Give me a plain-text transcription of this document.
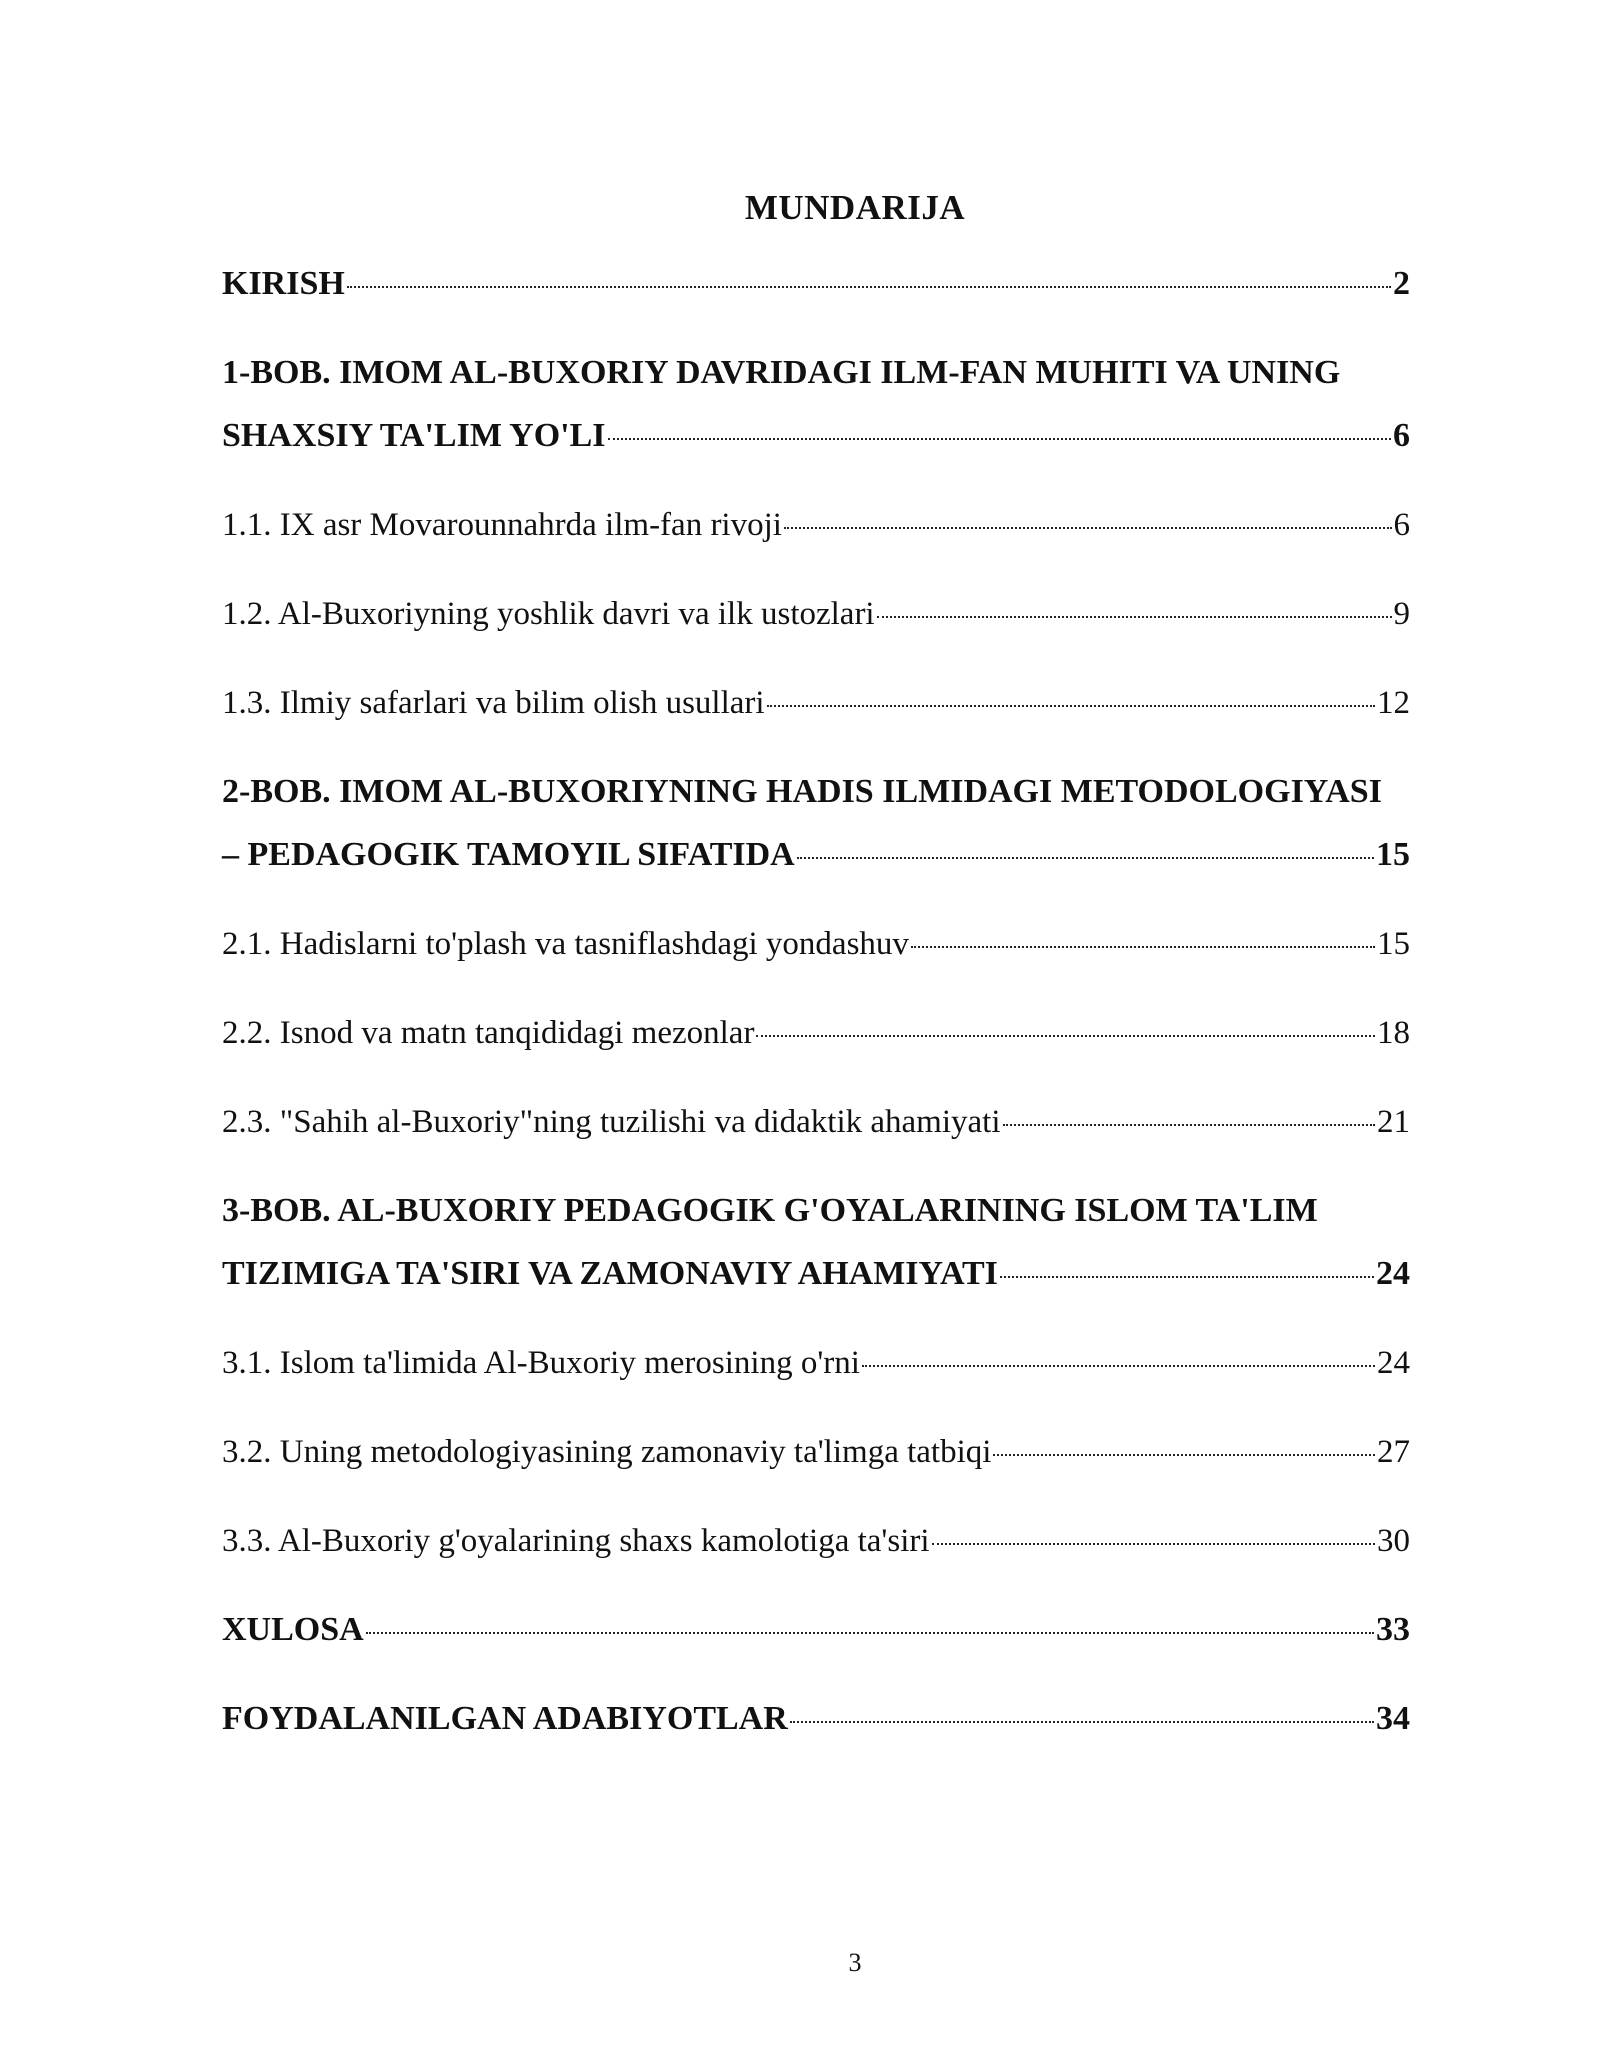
MUNDARIJA
KIRISH	2
1-BOB. IMOM AL-BUXORIY DAVRIDAGI ILM-FAN MUHITI VA UNING
SHAXSIY TA'LIM YO'LI	6
1.1. IX asr Movarounnahrda ilm-fan rivoji	6
1.2. Al-Buxoriyning yoshlik davri va ilk ustozlari	9
1.3. Ilmiy safarlari va bilim olish usullari	12
2-BOB. IMOM AL-BUXORIYNING HADIS ILMIDAGI METODOLOGIYASI
– PEDAGOGIK TAMOYIL SIFATIDA	15
2.1. Hadislarni to'plash va tasniflashdagi yondashuv	15
2.2. Isnod va matn tanqididagi mezonlar	18
2.3. "Sahih al-Buxoriy"ning tuzilishi va didaktik ahamiyati	21
3-BOB. AL-BUXORIY PEDAGOGIK G'OYALARINING ISLOM TA'LIM
TIZIMIGA TA'SIRI VA ZAMONAVIY AHAMIYATI	24
3.1. Islom ta'limida Al-Buxoriy merosining o'rni	24
3.2. Uning metodologiyasining zamonaviy ta'limga tatbiqi	27
3.3. Al-Buxoriy g'oyalarining shaxs kamolotiga ta'siri	30
XULOSA	33
FOYDALANILGAN ADABIYOTLAR	34
3
